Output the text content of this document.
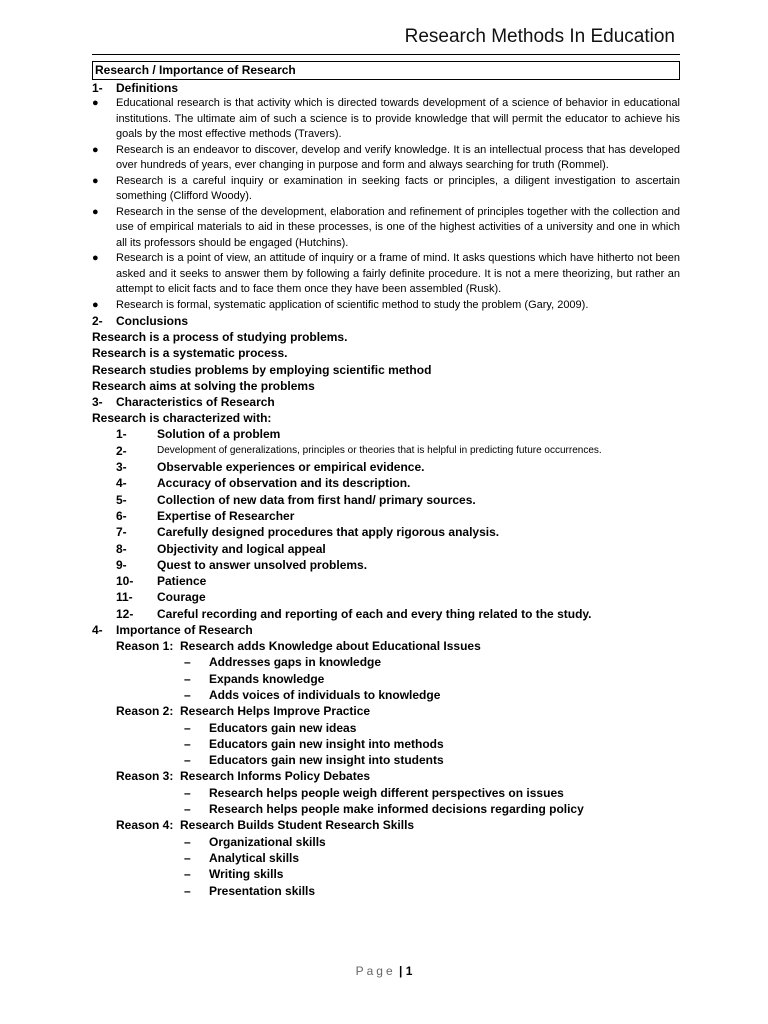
Research Methods In Education
Research / Importance of Research
1- Definitions
● Educational research is that activity which is directed towards development of a science of behavior in educational institutions. The ultimate aim of such a science is to provide knowledge that will permit the educator to achieve his goals by the most effective methods (Travers).
● Research is an endeavor to discover, develop and verify knowledge. It is an intellectual process that has developed over hundreds of years, ever changing in purpose and form and always searching for truth (Rommel).
● Research is a careful inquiry or examination in seeking facts or principles, a diligent investigation to ascertain something (Clifford Woody).
● Research in the sense of the development, elaboration and refinement of principles together with the collection and use of empirical materials to aid in these processes, is one of the highest activities of a university and one in which all its professors should be engaged (Hutchins).
● Research is a point of view, an attitude of inquiry or a frame of mind. It asks questions which have hitherto not been asked and it seeks to answer them by following a fairly definite procedure. It is not a mere theorizing, but rather an attempt to elicit facts and to face them once they have been assembled (Rusk).
● Research is formal, systematic application of scientific method to study the problem (Gary, 2009).
2- Conclusions
Research is a process of studying problems.
Research is a systematic process.
Research studies problems by employing scientific method
Research aims at solving the problems
3- Characteristics of Research
Research is characterized with:
1-	Solution of a problem
2-	Development of generalizations, principles or theories that is helpful in predicting future occurrences.
3-	Observable experiences or empirical evidence.
4-	Accuracy of observation and its description.
5-	Collection of new data from first hand/ primary sources.
6-	Expertise of Researcher
7-	Carefully designed procedures that apply rigorous analysis.
8-	Objectivity and logical appeal
9-	Quest to answer unsolved problems.
10- Patience
11- Courage
12- Careful recording and reporting of each and every thing related to the study.
4- Importance of Research
Reason 1: Research adds Knowledge about Educational Issues
– Addresses gaps in knowledge
– Expands knowledge
– Adds voices of individuals to knowledge
Reason 2: Research Helps Improve Practice
– Educators gain new ideas
– Educators gain new insight into methods
– Educators gain new insight into students
Reason 3: Research Informs Policy Debates
– Research helps people weigh different perspectives on issues
– Research helps people make informed decisions regarding policy
Reason 4: Research Builds Student Research Skills
– Organizational skills
– Analytical skills
– Writing skills
– Presentation skills
Page | 1
